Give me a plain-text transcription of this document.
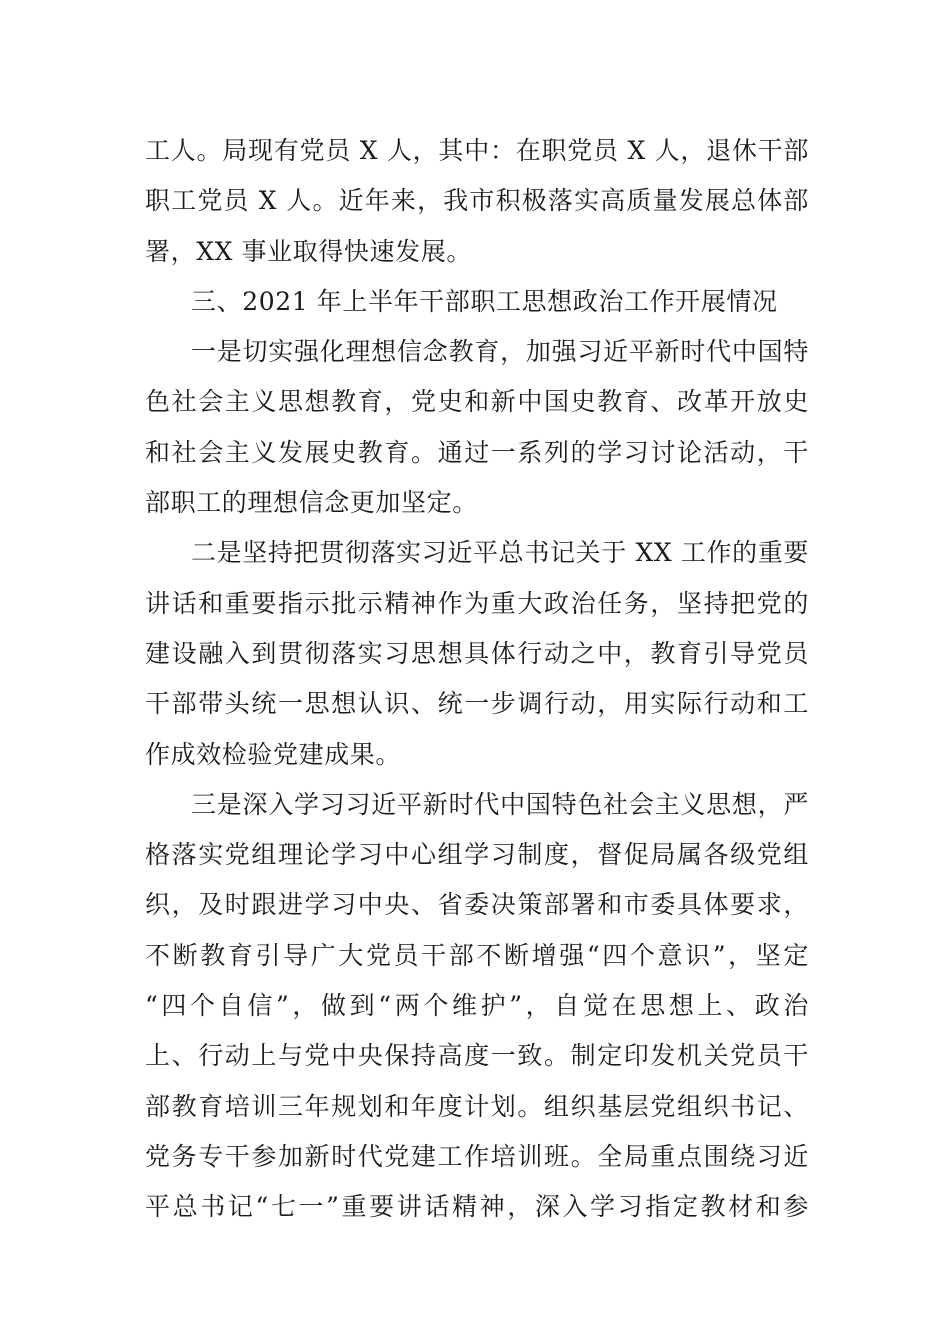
工人。局现有党员 X 人，其中：在职党员 X 人，退休干部
职工党员 X 人。近年来，我市积极落实高质量发展总体部
署，XX 事业取得快速发展。
三、2021 年上半年干部职工思想政治工作开展情况
一是切实强化理想信念教育，加强习近平新时代中国特
色社会主义思想教育，党史和新中国史教育、改革开放史
和社会主义发展史教育。通过一系列的学习讨论活动，干
部职工的理想信念更加坚定。
二是坚持把贯彻落实习近平总书记关于 XX 工作的重要
讲话和重要指示批示精神作为重大政治任务，坚持把党的
建设融入到贯彻落实习思想具体行动之中，教育引导党员
干部带头统一思想认识、统一步调行动，用实际行动和工
作成效检验党建成果。
三是深入学习习近平新时代中国特色社会主义思想，严
格落实党组理论学习中心组学习制度，督促局属各级党组
织，及时跟进学习中央、省委决策部署和市委具体要求，
不断教育引导广大党员干部不断增强“四个意识”，坚定
“四个自信”，做到“两个维护”，自觉在思想上、政治
上、行动上与党中央保持高度一致。制定印发机关党员干
部教育培训三年规划和年度计划。组织基层党组织书记、
党务专干参加新时代党建工作培训班。全局重点围绕习近
平总书记“七一”重要讲话精神，深入学习指定教材和参
